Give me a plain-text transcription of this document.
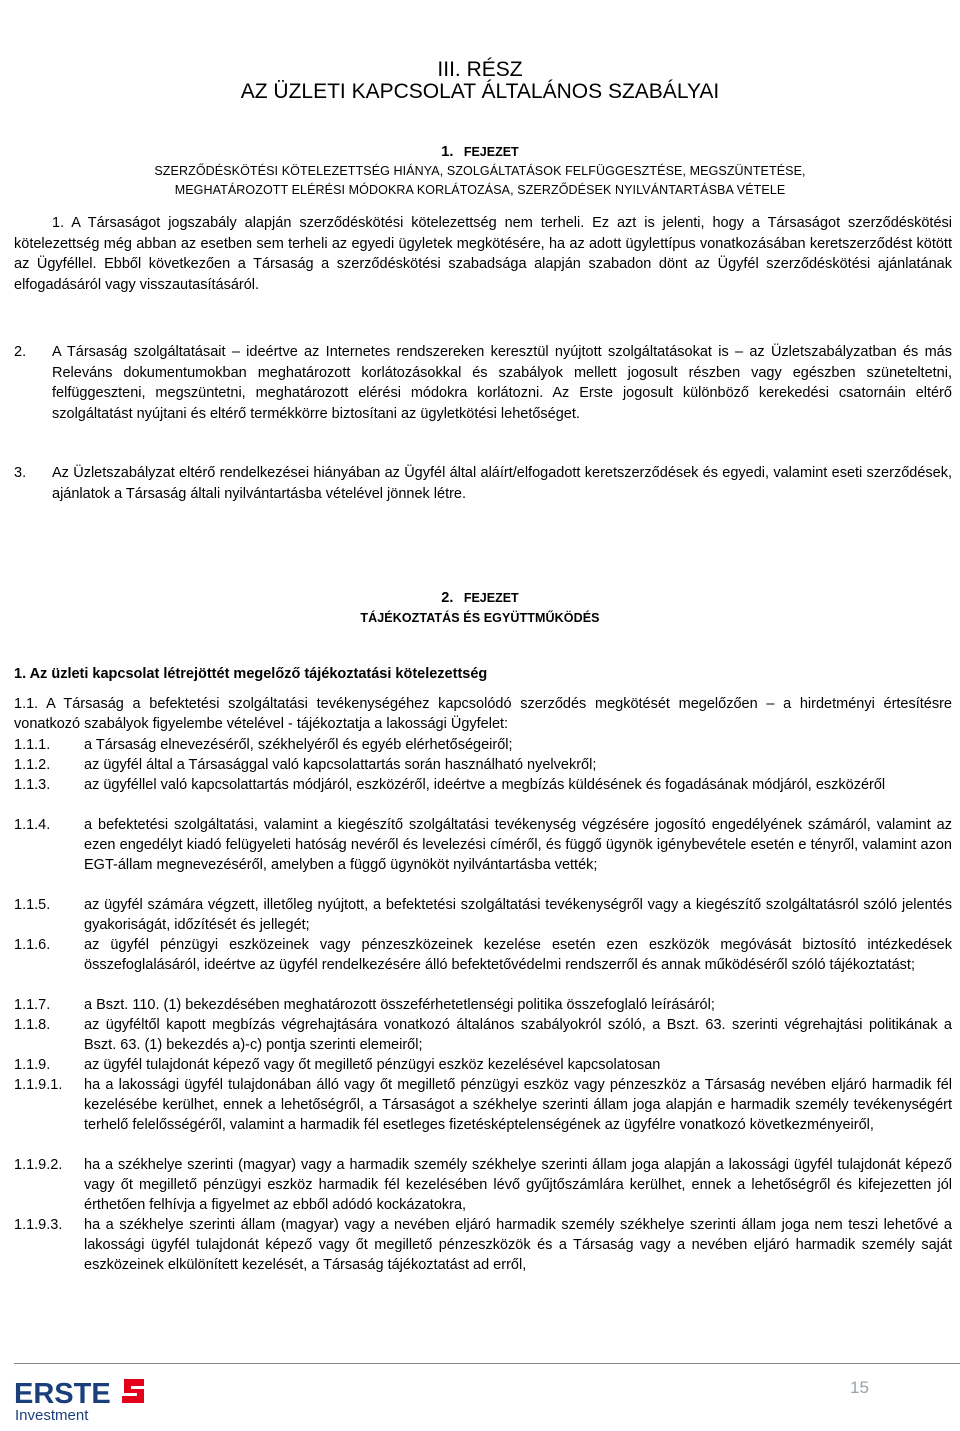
III. RÉSZ
AZ ÜZLETI KAPCSOLAT ÁLTALÁNOS SZABÁLYAI
1. FEJEZET
SZERZŐDÉSKÖTÉSI KÖTELEZETTSÉG HIÁNYA, SZOLGÁLTATÁSOK FELFÜGGESZTÉSE, MEGSZÜNTETÉSE,
MEGHATÁROZOTT ELÉRÉSI MÓDOKRA KORLÁTOZÁSA, SZERZŐDÉSEK NYILVÁNTARTÁSBA VÉTELE
1. A Társaságot jogszabály alapján szerződéskötési kötelezettség nem terheli. Ez azt is jelenti, hogy a Társaságot szerződéskötési kötelezettség még abban az esetben sem terheli az egyedi ügyletek megkötésére, ha az adott ügylettípus vonatkozásában keretszerződést kötött az Ügyféllel. Ebből következően a Társaság a szerződéskötési szabadsága alapján szabadon dönt az Ügyfél szerződéskötési ajánlatának elfogadásáról vagy visszautasításáról.
2. A Társaság szolgáltatásait – ideértve az Internetes rendszereken keresztül nyújtott szolgáltatásokat is – az Üzletszabályzatban és más Releváns dokumentumokban meghatározott korlátozásokkal és szabályok mellett jogosult részben vagy egészben szüneteltetni, felfüggeszteni, megszüntetni, meghatározott elérési módokra korlátozni. Az Erste jogosult különböző kerekedési csatornáin eltérő szolgáltatást nyújtani és eltérő termékkörre biztosítani az ügyletkötési lehetőséget.
3. Az Üzletszabályzat eltérő rendelkezései hiányában az Ügyfél által aláírt/elfogadott keretszerződések és egyedi, valamint eseti szerződések, ajánlatok a Társaság általi nyilvántartásba vételével jönnek létre.
2. FEJEZET
TÁJÉKOZTATÁS ÉS EGYÜTTMŰKÖDÉS
1. Az üzleti kapcsolat létrejöttét megelőző tájékoztatási kötelezettség
1.1. A Társaság a befektetési szolgáltatási tevékenységéhez kapcsolódó szerződés megkötését megelőzően – a hirdetményi értesítésre vonatkozó szabályok figyelembe vételével - tájékoztatja a lakossági Ügyfelet:
1.1.1. a Társaság elnevezéséről, székhelyéről és egyéb elérhetőségeiről;
1.1.2. az ügyfél által a Társasággal való kapcsolattartás során használható nyelvekről;
1.1.3. az ügyféllel való kapcsolattartás módjáról, eszközéről, ideértve a megbízás küldésének és fogadásának módjáról, eszközéről
1.1.4. a befektetési szolgáltatási, valamint a kiegészítő szolgáltatási tevékenység végzésére jogosító engedélyének számáról, valamint az ezen engedélyt kiadó felügyeleti hatóság nevéről és levelezési címéről, és függő ügynök igénybevétele esetén e tényről, valamint azon EGT-állam megnevezéséről, amelyben a függő ügynököt nyilvántartásba vették;
1.1.5. az ügyfél számára végzett, illetőleg nyújtott, a befektetési szolgáltatási tevékenységről vagy a kiegészítő szolgáltatásról szóló jelentés gyakoriságát, időzítését és jellegét;
1.1.6. az ügyfél pénzügyi eszközeinek vagy pénzeszközeinek kezelése esetén ezen eszközök megóvását biztosító intézkedések összefoglalásáról, ideértve az ügyfél rendelkezésére álló befektetővédelmi rendszerről és annak működéséről szóló tájékoztatást;
1.1.7. a Bszt. 110. (1) bekezdésében meghatározott összeférhetetlenségi politika összefoglaló leírásáról;
1.1.8. az ügyféltől kapott megbízás végrehajtására vonatkozó általános szabályokról szóló, a Bszt. 63. szerinti végrehajtási politikának a Bszt. 63. (1) bekezdés a)-c) pontja szerinti elemeiről;
1.1.9. az ügyfél tulajdonát képező vagy őt megillető pénzügyi eszköz kezelésével kapcsolatosan
1.1.9.1. ha a lakossági ügyfél tulajdonában álló vagy őt megillető pénzügyi eszköz vagy pénzeszköz a Társaság nevében eljáró harmadik fél kezelésébe kerülhet, ennek a lehetőségről, a Társaságot a székhelye szerinti állam joga alapján e harmadik személy tevékenységért terhelő felelősségéről, valamint a harmadik fél esetleges fizetésképtelenségének az ügyfélre vonatkozó következményeiről,
1.1.9.2. ha a székhelye szerinti (magyar) vagy a harmadik személy székhelye szerinti állam joga alapján a lakossági ügyfél tulajdonát képező vagy őt megillető pénzügyi eszköz harmadik fél kezelésében lévő gyűjtőszámlára kerülhet, ennek a lehetőségről és kifejezetten jól érthetően felhívja a figyelmet az ebből adódó kockázatokra,
1.1.9.3. ha a székhelye szerinti állam (magyar) vagy a nevében eljáró harmadik személy székhelye szerinti állam joga nem teszi lehetővé a lakossági ügyfél tulajdonát képező vagy őt megillető pénzeszközök és a Társaság vagy a nevében eljáró harmadik személy saját eszközeinek elkülönített kezelését, a Társaság tájékoztatást ad erről,
ERSTE
Investment
15
